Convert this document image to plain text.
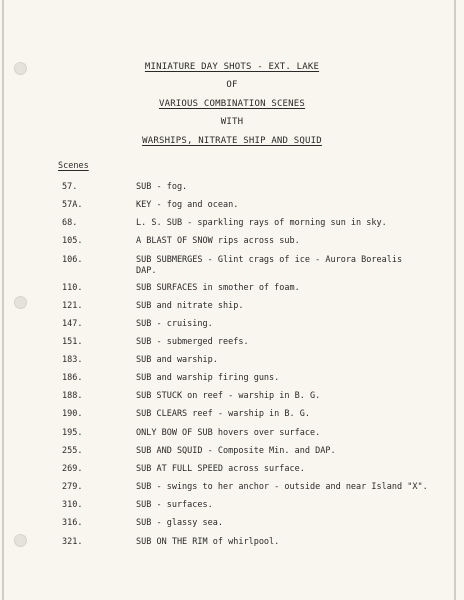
MINIATURE DAY SHOTS - EXT. LAKE
OF
VARIOUS COMBINATION SCENES
WITH
WARSHIPS, NITRATE SHIP AND SQUID
Scenes
57.	SUB - fog.
57A.	KEY - fog and ocean.
68.	L. S. SUB - sparkling rays of morning sun in sky.
105.	A BLAST OF SNOW rips across sub.
106.	SUB SUBMERGES - Glint crags of ice - Aurora Borealis
DAP.
110.	SUB SURFACES in smother of foam.
121.	SUB and nitrate ship.
147.	SUB - cruising.
151.	SUB - submerged reefs.
183.	SUB and warship.
186.	SUB and warship firing guns.
188.	SUB STUCK on reef - warship in B. G.
190.	SUB CLEARS reef - warship in B. G.
195.	ONLY BOW OF SUB hovers over surface.
255.	SUB AND SQUID - Composite Min. and DAP.
269.	SUB AT FULL SPEED across surface.
279.	SUB - swings to her anchor - outside and near Island "X".
310.	SUB - surfaces.
316.	SUB - glassy sea.
321.	SUB ON THE RIM of whirlpool.
